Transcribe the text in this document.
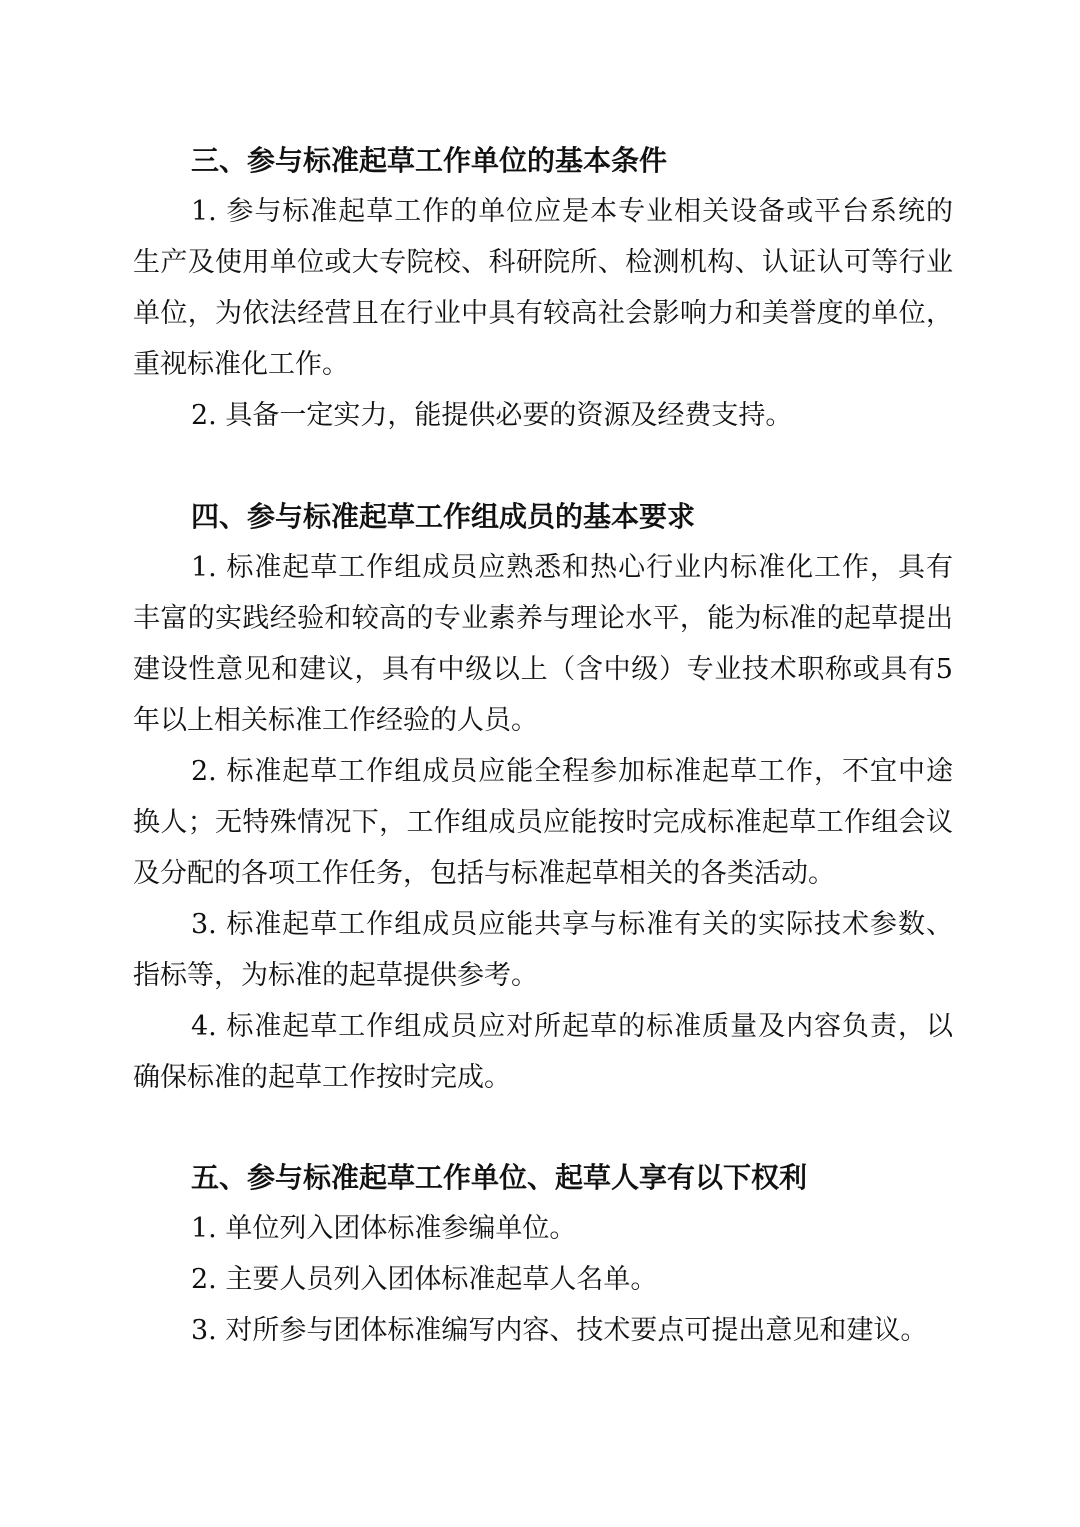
三、参与标准起草工作单位的基本条件

1. 参与标准起草工作的单位应是本专业相关设备或平台系统的生产及使用单位或大专院校、科研院所、检测机构、认证认可等行业单位，为依法经营且在行业中具有较高社会影响力和美誉度的单位，重视标准化工作。

2. 具备一定实力，能提供必要的资源及经费支持。

四、参与标准起草工作组成员的基本要求

1. 标准起草工作组成员应熟悉和热心行业内标准化工作，具有丰富的实践经验和较高的专业素养与理论水平，能为标准的起草提出建设性意见和建议，具有中级以上（含中级）专业技术职称或具有5年以上相关标准工作经验的人员。

2. 标准起草工作组成员应能全程参加标准起草工作，不宜中途换人；无特殊情况下，工作组成员应能按时完成标准起草工作组会议及分配的各项工作任务，包括与标准起草相关的各类活动。

3. 标准起草工作组成员应能共享与标准有关的实际技术参数、指标等，为标准的起草提供参考。

4. 标准起草工作组成员应对所起草的标准质量及内容负责，以确保标准的起草工作按时完成。

五、参与标准起草工作单位、起草人享有以下权利

1. 单位列入团体标准参编单位。

2. 主要人员列入团体标准起草人名单。

3. 对所参与团体标准编写内容、技术要点可提出意见和建议。
